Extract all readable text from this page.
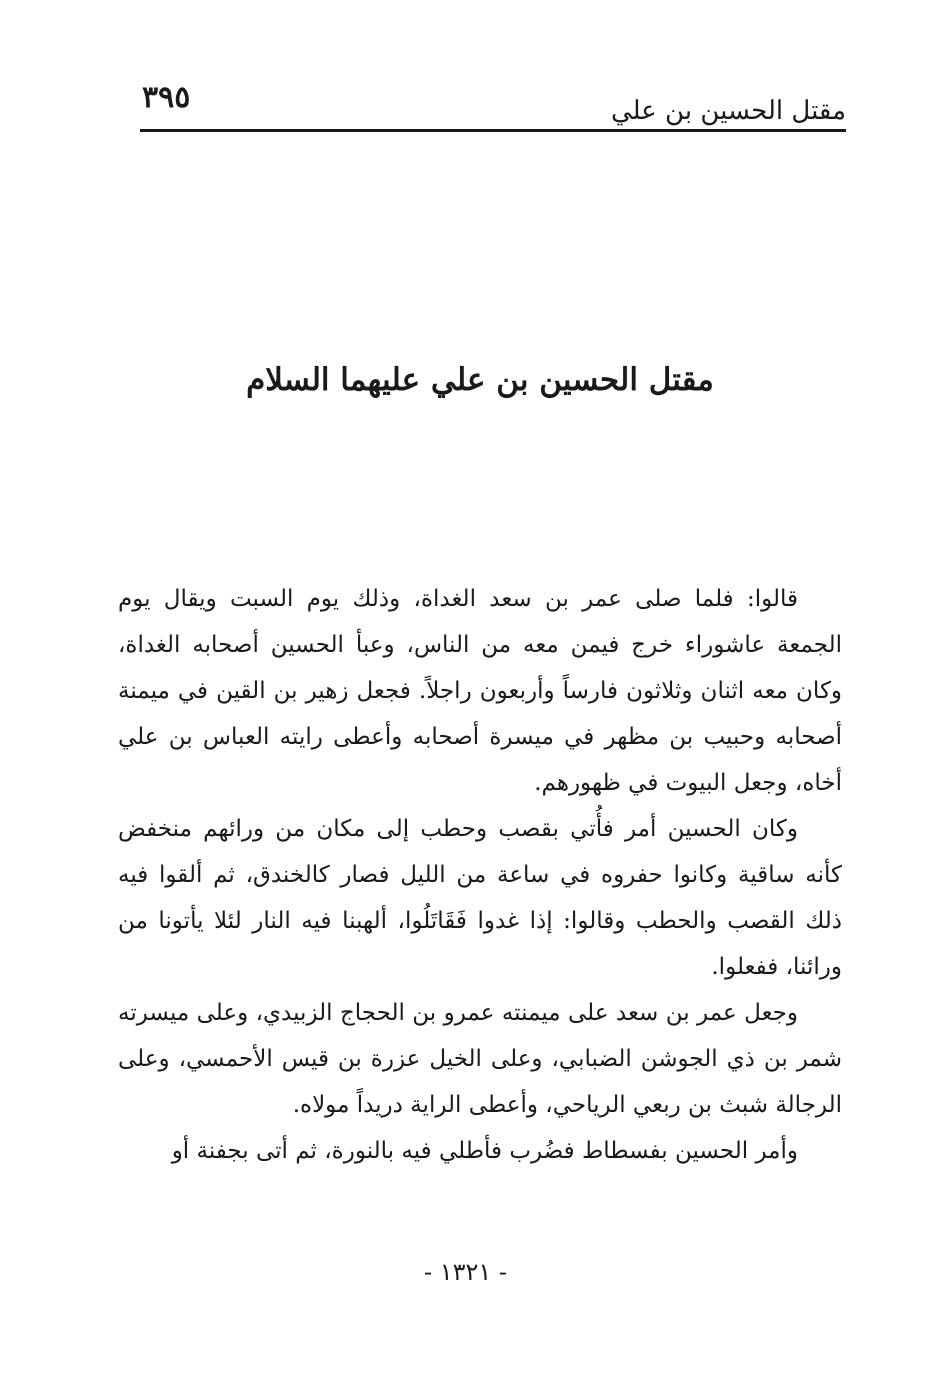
٣٩٥	مقتل الحسين بن علي
مقتل الحسين بن علي عليهما السلام

قالوا: فلما صلى عمر بن سعد الغداة، وذلك يوم السبت ويقال يوم الجمعة عاشوراء خرج فيمن معه من الناس، وعبأ الحسين أصحابه الغداة، وكان معه اثنان وثلاثون فارساً وأربعون راجلاً. فجعل زهير بن القين في ميمنة أصحابه وحبيب بن مظهر في ميسرة أصحابه وأعطى رايته العباس بن علي أخاه، وجعل البيوت في ظهورهم.

وكان الحسين أمر فأُتي بقصب وحطب إلى مكان من ورائهم منخفض كأنه ساقية وكانوا حفروه في ساعة من الليل فصار كالخندق، ثم ألقوا فيه ذلك القصب والحطب وقالوا: إذا غدوا فَقَاتَلُوا، ألهبنا فيه النار لئلا يأتونا من ورائنا، ففعلوا.

وجعل عمر بن سعد على ميمنته عمرو بن الحجاج الزبيدي، وعلى ميسرته شمر بن ذي الجوشن الضبابي، وعلى الخيل عزرة بن قيس الأحمسي، وعلى الرجالة شبث بن ربعي الرياحي، وأعطى الراية دريداً مولاه.

وأمر الحسين بفسطاط فضُرب فأطلي فيه بالنورة، ثم أتى بجفنة أو

- ١٣٢١ -
